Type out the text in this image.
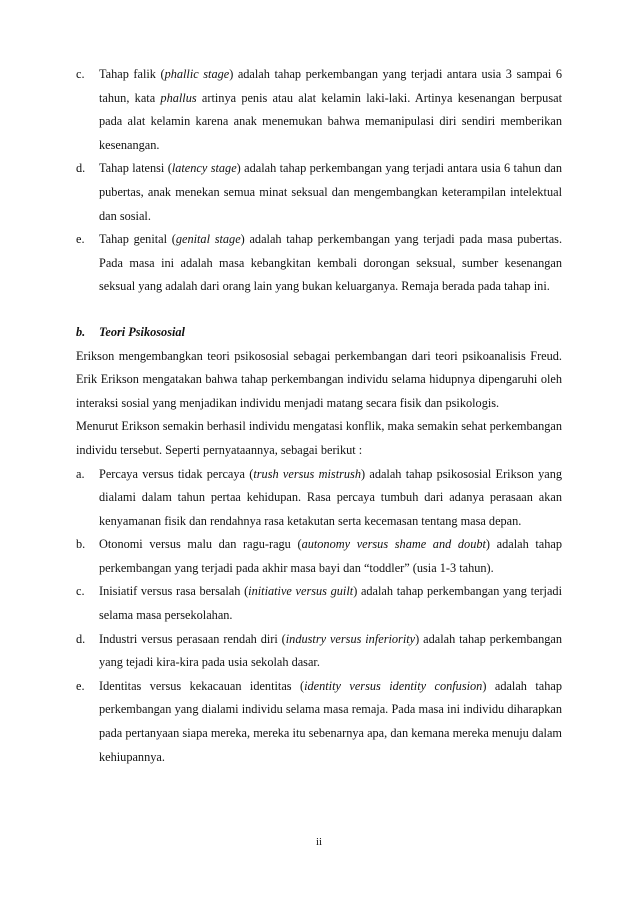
c.	Tahap falik (phallic stage) adalah tahap perkembangan yang terjadi antara usia 3 sampai 6 tahun, kata phallus artinya penis atau alat kelamin laki-laki. Artinya kesenangan berpusat pada alat kelamin karena anak menemukan bahwa memanipulasi diri sendiri memberikan kesenangan.
d.	Tahap latensi (latency stage) adalah tahap perkembangan yang terjadi antara usia 6 tahun dan pubertas, anak menekan semua minat seksual dan mengembangkan keterampilan intelektual dan sosial.
e.	Tahap genital (genital stage) adalah tahap perkembangan yang terjadi pada masa pubertas. Pada masa ini adalah masa kebangkitan kembali dorongan seksual, sumber kesenangan seksual yang adalah dari orang lain yang bukan keluarganya. Remaja berada pada tahap ini.
b.	Teori Psikososial

Erikson mengembangkan teori psikososial sebagai perkembangan dari teori psikoanalisis Freud. Erik Erikson mengatakan bahwa tahap perkembangan individu selama hidupnya dipengaruhi oleh interaksi sosial yang menjadikan individu menjadi matang secara fisik dan psikologis.

Menurut Erikson semakin berhasil individu mengatasi konflik, maka semakin sehat perkembangan individu tersebut. Seperti pernyataannya, sebagai berikut :

a.	Percaya versus tidak percaya (trush versus mistrush) adalah tahap psikososial Erikson yang dialami dalam tahun pertaa kehidupan. Rasa percaya tumbuh dari adanya perasaan akan kenyamanan fisik dan rendahnya rasa ketakutan serta kecemasan tentang masa depan.
b.	Otonomi versus malu dan ragu-ragu (autonomy versus shame and doubt) adalah tahap perkembangan yang terjadi pada akhir masa bayi dan “toddler” (usia 1-3 tahun).
c.	Inisiatif versus rasa bersalah (initiative versus guilt) adalah tahap perkembangan yang terjadi selama masa persekolahan.
d.	Industri versus perasaan rendah diri (industry versus inferiority) adalah tahap perkembangan yang tejadi kira-kira pada usia sekolah dasar.
e.	Identitas versus kekacauan identitas (identity versus identity confusion) adalah tahap perkembangan yang dialami individu selama masa remaja. Pada masa ini individu diharapkan pada pertanyaan siapa mereka, mereka itu sebenarnya apa, dan kemana mereka menuju dalam kehiupannya.
ii
